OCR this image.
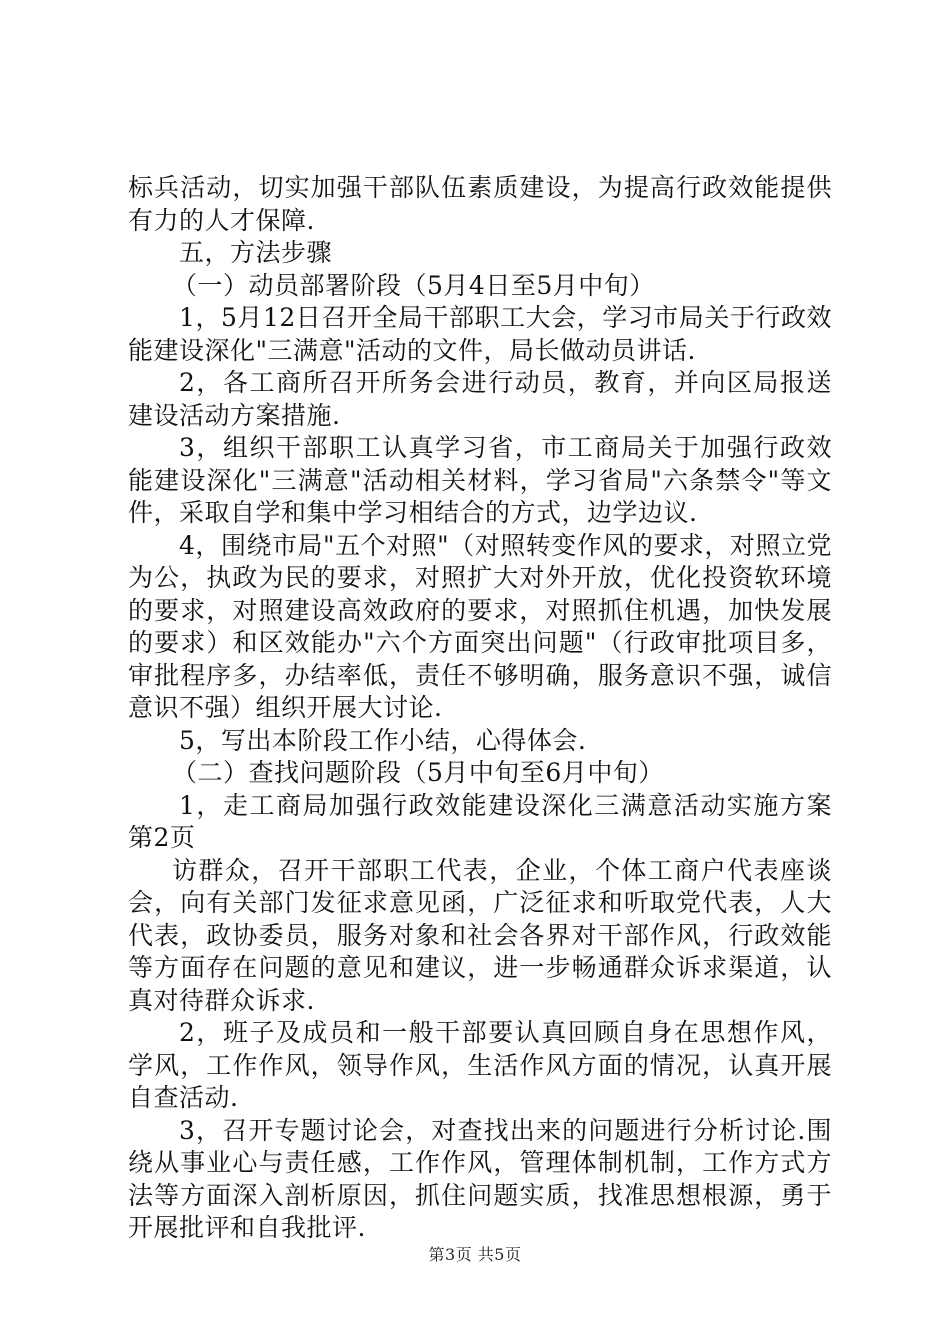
标兵活动，切实加强干部队伍素质建设，为提高行政效能提供有力的人才保障.

五，方法步骤

（一）动员部署阶段（5月4日至5月中旬）

1，5月12日召开全局干部职工大会，学习市局关于行政效能建设深化"三满意"活动的文件，局长做动员讲话.

2，各工商所召开所务会进行动员，教育，并向区局报送建设活动方案措施.

3，组织干部职工认真学习省，市工商局关于加强行政效能建设深化"三满意"活动相关材料，学习省局"六条禁令"等文件，采取自学和集中学习相结合的方式，边学边议.

4，围绕市局"五个对照"（对照转变作风的要求，对照立党为公，执政为民的要求，对照扩大对外开放，优化投资软环境的要求，对照建设高效政府的要求，对照抓住机遇，加快发展的要求）和区效能办"六个方面突出问题"（行政审批项目多，审批程序多，办结率低，责任不够明确，服务意识不强，诚信意识不强）组织开展大讨论.

5，写出本阶段工作小结，心得体会.

（二）查找问题阶段（5月中旬至6月中旬）

1，走工商局加强行政效能建设深化三满意活动实施方案第2页

访群众，召开干部职工代表，企业，个体工商户代表座谈会，向有关部门发征求意见函，广泛征求和听取党代表，人大代表，政协委员，服务对象和社会各界对干部作风，行政效能等方面存在问题的意见和建议，进一步畅通群众诉求渠道，认真对待群众诉求.

2，班子及成员和一般干部要认真回顾自身在思想作风，学风，工作作风，领导作风，生活作风方面的情况，认真开展自查活动.

3，召开专题讨论会，对查找出来的问题进行分析讨论.围绕从事业心与责任感，工作作风，管理体制机制，工作方式方法等方面深入剖析原因，抓住问题实质，找准思想根源，勇于开展批评和自我批评.

第3页 共5页
